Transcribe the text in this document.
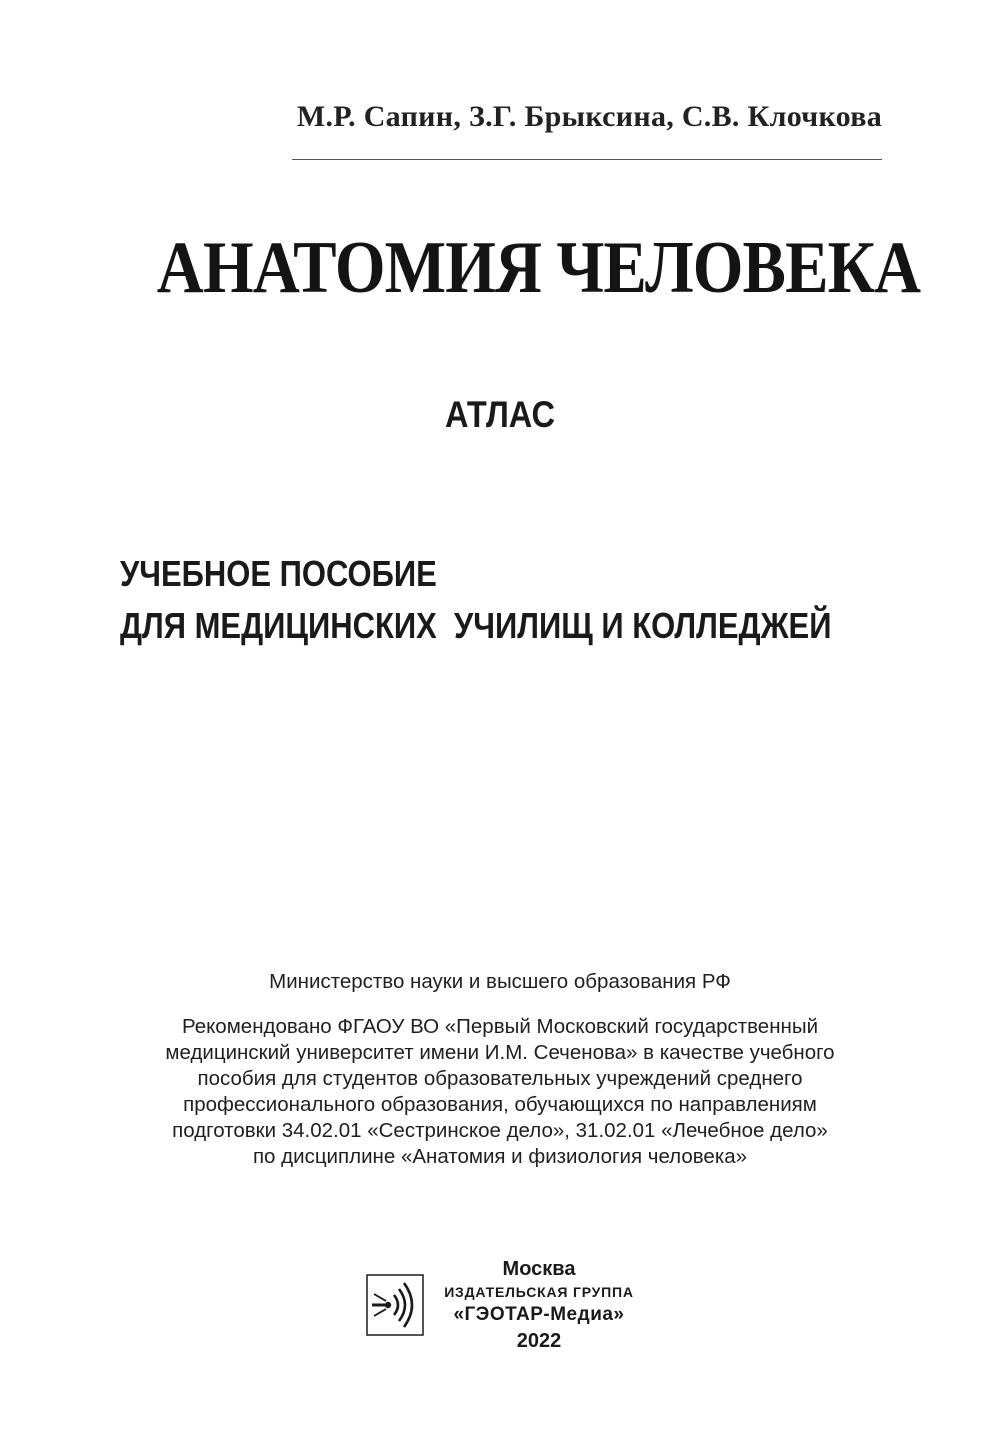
М.Р. Сапин, З.Г. Брыксина, С.В. Клочкова
АНАТОМИЯ ЧЕЛОВЕКА
АТЛАС
УЧЕБНОЕ ПОСОБИЕ
ДЛЯ МЕДИЦИНСКИХ  УЧИЛИЩ И КОЛЛЕДЖЕЙ
Министерство науки и высшего образования РФ
Рекомендовано ФГАОУ ВО «Первый Московский государственный
медицинский университет имени И.М. Сеченова» в качестве учебного
пособия для студентов образовательных учреждений среднего
профессионального образования, обучающихся по направлениям
подготовки 34.02.01 «Сестринское дело», 31.02.01 «Лечебное дело»
по дисциплине «Анатомия и физиология человека»
Москва
ИЗДАТЕЛЬСКАЯ ГРУППА
«ГЭОТАР-Медиа»
2022
